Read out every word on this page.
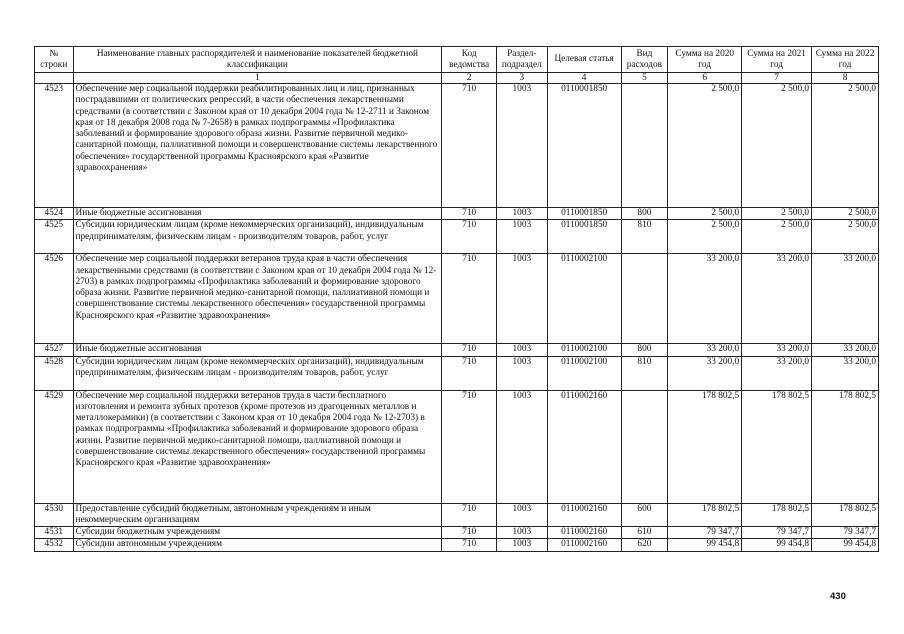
№ строки	Наименование главных распорядителей и наименование показателей бюджетной классификации	Код ведомства	Раздел-подраздел	Целевая статья	Вид расходов	Сумма на 2020 год	Сумма на 2021 год	Сумма на 2022 год
	1	2	3	4	5	6	7	8
4523	Обеспечение мер социальной поддержки реабилитированных лиц и лиц, признанных пострадавшими от политических репрессий, в части обеспечения лекарственными средствами (в соответствии с Законом края от 10 декабря 2004 года № 12-2711 и Законом края от 18 декабря 2008 года № 7-2658) в рамках подпрограммы «Профилактика заболеваний и формирование здорового образа жизни. Развитие первичной медико-санитарной помощи, паллиативной помощи и совершенствование системы лекарственного обеспечения» государственной программы Красноярского края «Развитие здравоохранения»	710	1003	0110001850		2 500,0	2 500,0	2 500,0
4524	Иные бюджетные ассигнования	710	1003	0110001850	800	2 500,0	2 500,0	2 500,0
4525	Субсидии юридическим лицам (кроме некоммерческих организаций), индивидуальным предпринимателям, физическим лицам - производителям товаров, работ, услуг	710	1003	0110001850	810	2 500,0	2 500,0	2 500,0
4526	Обеспечение мер социальной поддержки ветеранов труда края в части обеспечения лекарственными средствами (в соответствии с Законом края от 10 декабря 2004 года № 12-2703) в рамках подпрограммы «Профилактика заболеваний и формирование здорового образа жизни. Развитие первичной медико-санитарной помощи, паллиативной помощи и совершенствование системы лекарственного обеспечения» государственной программы Красноярского края «Развитие здравоохранения»	710	1003	0110002100		33 200,0	33 200,0	33 200,0
4527	Иные бюджетные ассигнования	710	1003	0110002100	800	33 200,0	33 200,0	33 200,0
4528	Субсидии юридическим лицам (кроме некоммерческих организаций), индивидуальным предпринимателям, физическим лицам - производителям товаров, работ, услуг	710	1003	0110002100	810	33 200,0	33 200,0	33 200,0
4529	Обеспечение мер социальной поддержки ветеранов труда в части бесплатного изготовления и ремонта зубных протезов (кроме протезов из драгоценных металлов и металлокерамики) (в соответствии с Законом края от 10 декабря 2004 года № 12-2703) в рамках подпрограммы «Профилактика заболеваний и формирование здорового образа жизни. Развитие первичной медико-санитарной помощи, паллиативной помощи и совершенствование системы лекарственного обеспечения» государственной программы Красноярского края «Развитие здравоохранения»	710	1003	0110002160		178 802,5	178 802,5	178 802,5
4530	Предоставление субсидий бюджетным, автономным учреждениям и иным некоммерческим организациям	710	1003	0110002160	600	178 802,5	178 802,5	178 802,5
4531	Субсидии бюджетным учреждениям	710	1003	0110002160	610	79 347,7	79 347,7	79 347,7
4532	Субсидии автономным учреждениям	710	1003	0110002160	620	99 454,8	99 454,8	99 454,8
430
